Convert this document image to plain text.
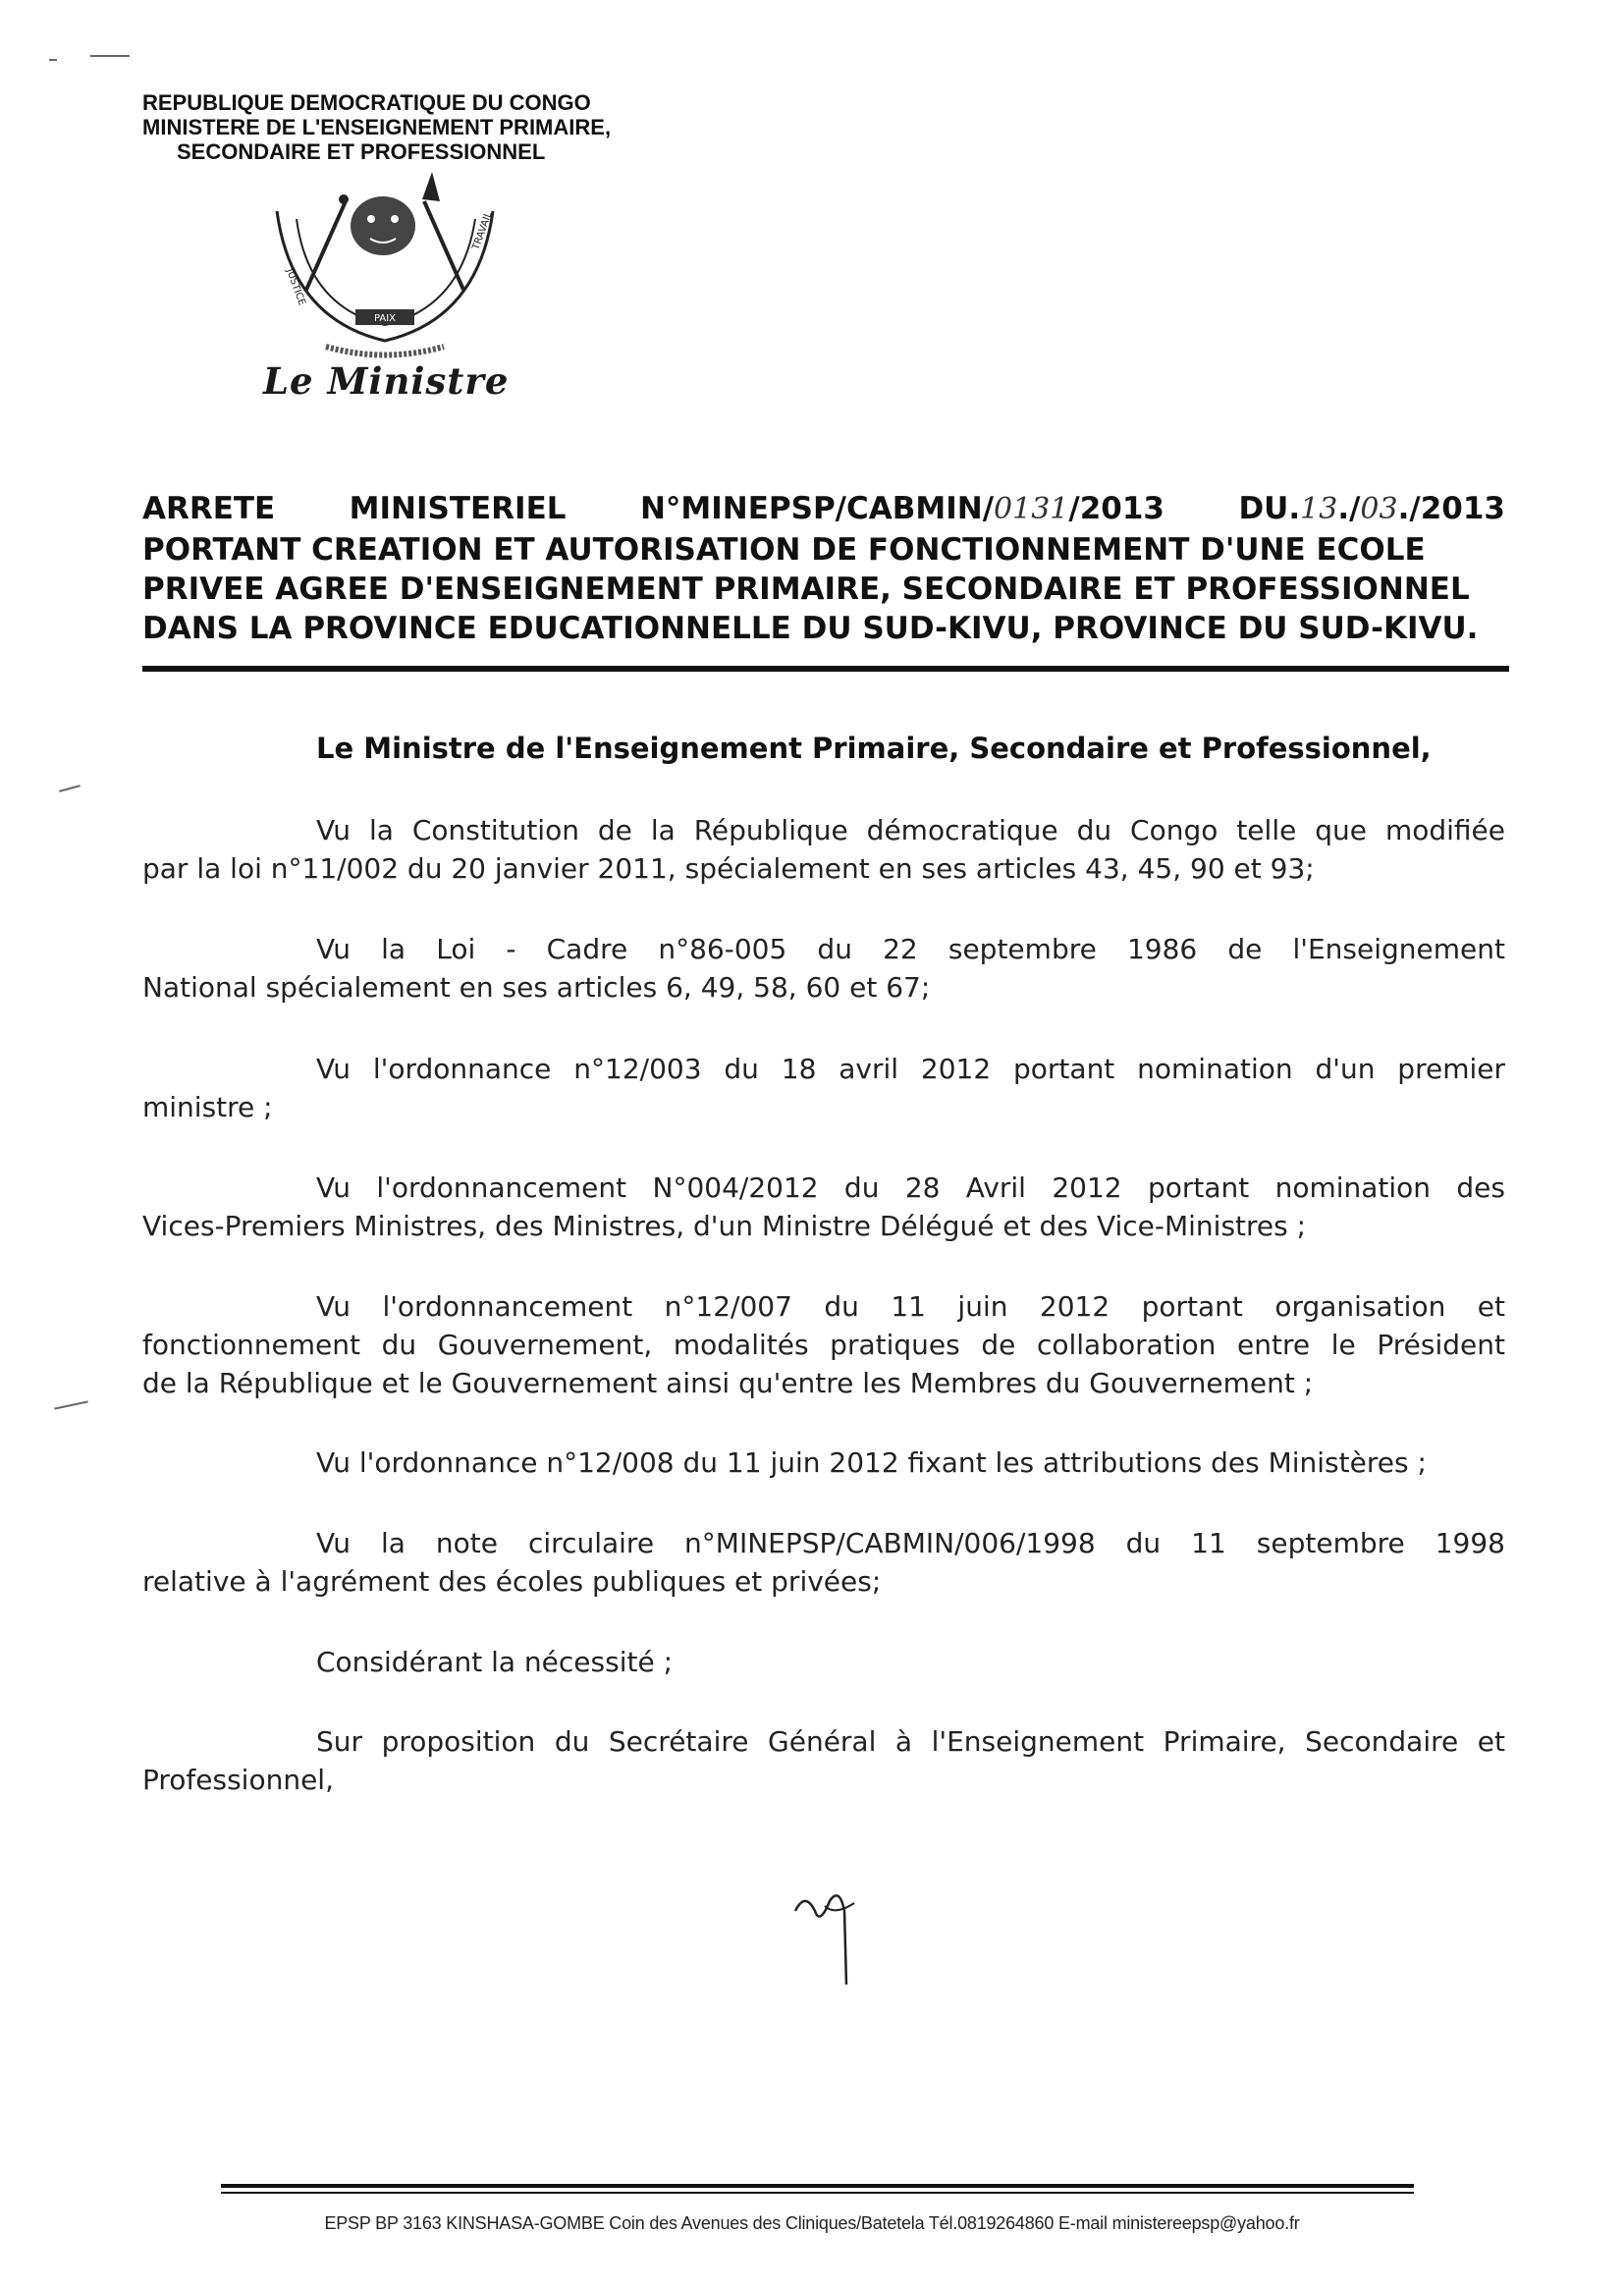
REPUBLIQUE DEMOCRATIQUE DU CONGO
MINISTERE DE L'ENSEIGNEMENT PRIMAIRE,
SECONDAIRE ET PROFESSIONNEL
PAIX
JUSTICE
TRAVAIL
Le Ministre
ARRETE MINISTERIEL N°MINEPSP/CABMIN/0131/2013 DU.13./03./2013
PORTANT CREATION ET AUTORISATION DE FONCTIONNEMENT D'UNE ECOLE
PRIVEE AGREE D'ENSEIGNEMENT PRIMAIRE, SECONDAIRE ET PROFESSIONNEL
DANS LA PROVINCE EDUCATIONNELLE DU SUD-KIVU, PROVINCE DU SUD-KIVU.
Le Ministre de l'Enseignement Primaire, Secondaire et Professionnel,
Vu la Constitution de la République démocratique du Congo telle que modifiée
par la loi n°11/002 du 20 janvier 2011, spécialement en ses articles 43, 45, 90 et 93;
Vu la Loi - Cadre n°86-005 du 22 septembre 1986 de l'Enseignement
National spécialement en ses articles 6, 49, 58, 60 et 67;
Vu l'ordonnance n°12/003 du 18 avril 2012 portant nomination d'un premier
ministre ;
Vu l'ordonnancement N°004/2012 du 28 Avril 2012 portant nomination des
Vices-Premiers Ministres, des Ministres, d'un Ministre Délégué et des Vice-Ministres ;
Vu l'ordonnancement n°12/007 du 11 juin 2012 portant organisation et
fonctionnement du Gouvernement, modalités pratiques de collaboration entre le Président
de la République et le Gouvernement ainsi qu'entre les Membres du Gouvernement ;
Vu l'ordonnance n°12/008 du 11 juin 2012 fixant les attributions des Ministères ;
Vu la note circulaire n°MINEPSP/CABMIN/006/1998 du 11 septembre 1998
relative à l'agrément des écoles publiques et privées;
Considérant la nécessité ;
Sur proposition du Secrétaire Général à l'Enseignement Primaire, Secondaire et
Professionnel,
EPSP BP 3163 KINSHASA-GOMBE Coin des Avenues des Cliniques/Batetela Tél.0819264860 E-mail ministereepsp@yahoo.fr
